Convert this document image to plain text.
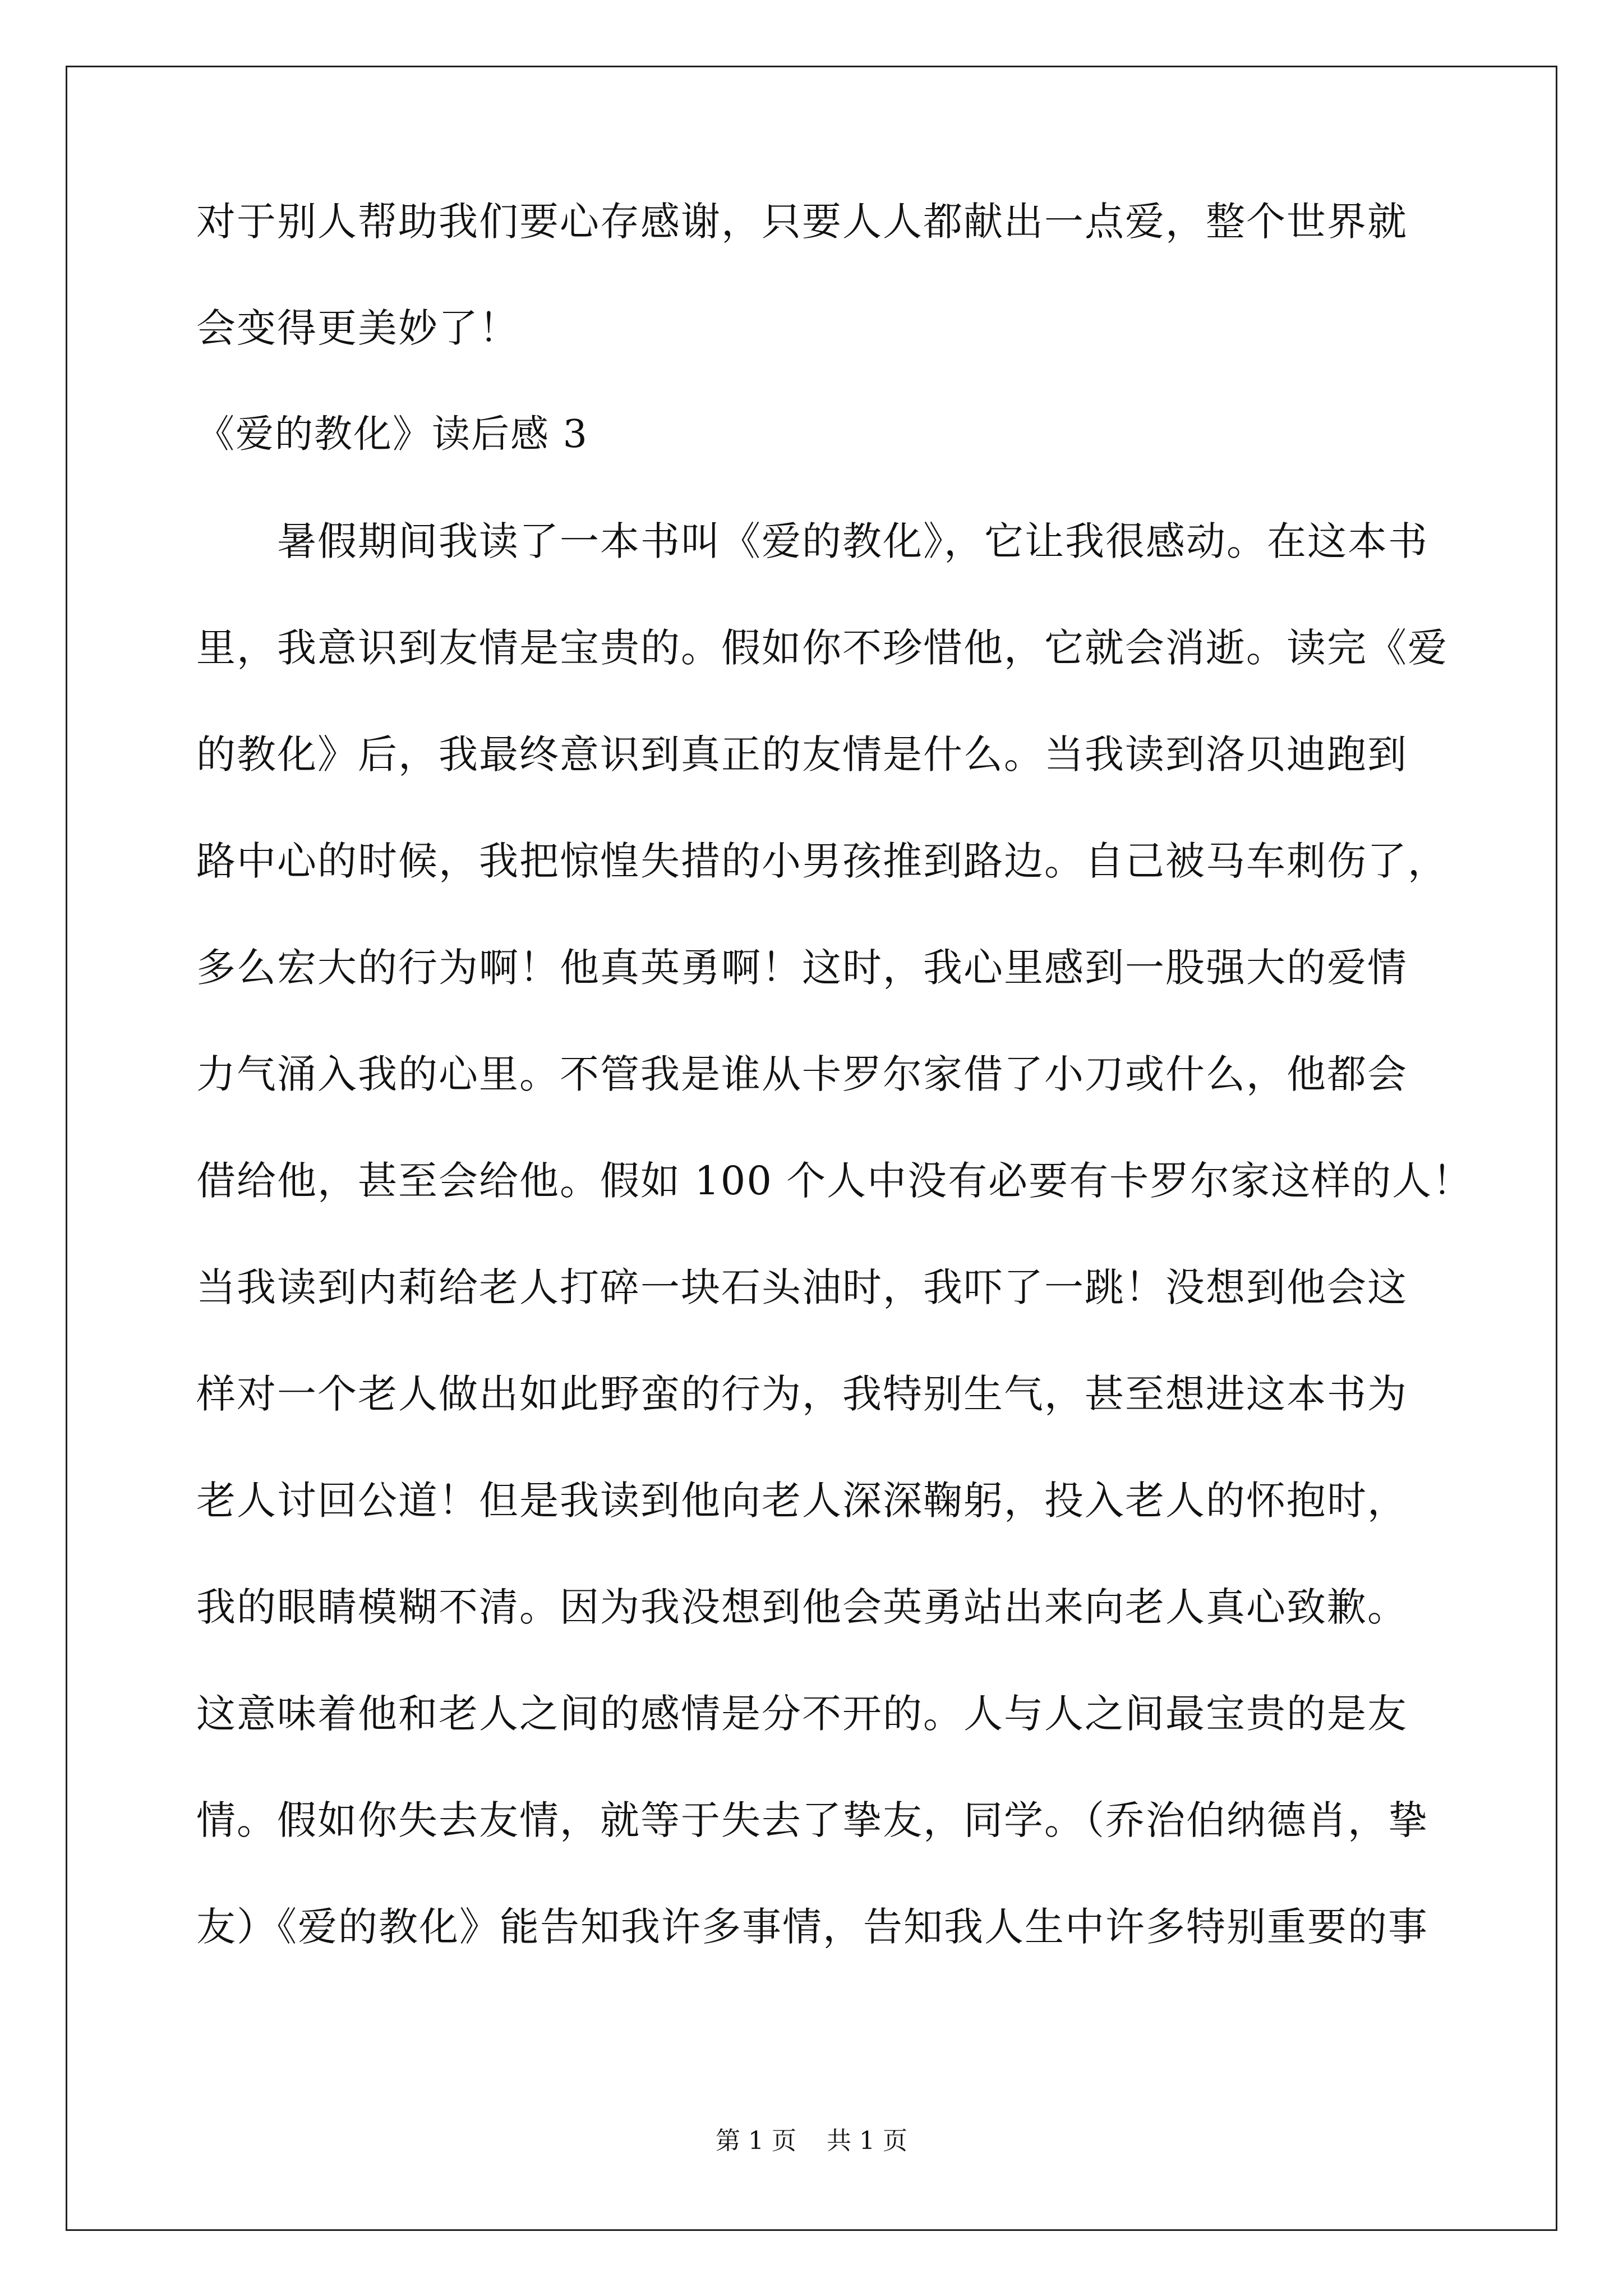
对于别人帮助我们要心存感谢，只要人人都献出一点爱，整个世界就

会变得更美妙了！

《爱的教化》读后感 3

　　暑假期间我读了一本书叫《爱的教化》，它让我很感动。在这本书

里，我意识到友情是宝贵的。假如你不珍惜他，它就会消逝。读完《爱

的教化》后，我最终意识到真正的友情是什么。当我读到洛贝迪跑到

路中心的时候，我把惊惶失措的小男孩推到路边。自己被马车刺伤了，

多么宏大的行为啊！他真英勇啊！这时，我心里感到一股强大的爱情

力气涌入我的心里。不管我是谁从卡罗尔家借了小刀或什么，他都会

借给他，甚至会给他。假如 100 个人中没有必要有卡罗尔家这样的人！

当我读到内莉给老人打碎一块石头油时，我吓了一跳！没想到他会这

样对一个老人做出如此野蛮的行为，我特别生气，甚至想进这本书为

老人讨回公道！但是我读到他向老人深深鞠躬，投入老人的怀抱时，

我的眼睛模糊不清。因为我没想到他会英勇站出来向老人真心致歉。

这意味着他和老人之间的感情是分不开的。人与人之间最宝贵的是友

情。假如你失去友情，就等于失去了挚友，同学。（乔治伯纳德肖，挚

友）《爱的教化》能告知我许多事情，告知我人生中许多特别重要的事

第 1 页 共 1 页
